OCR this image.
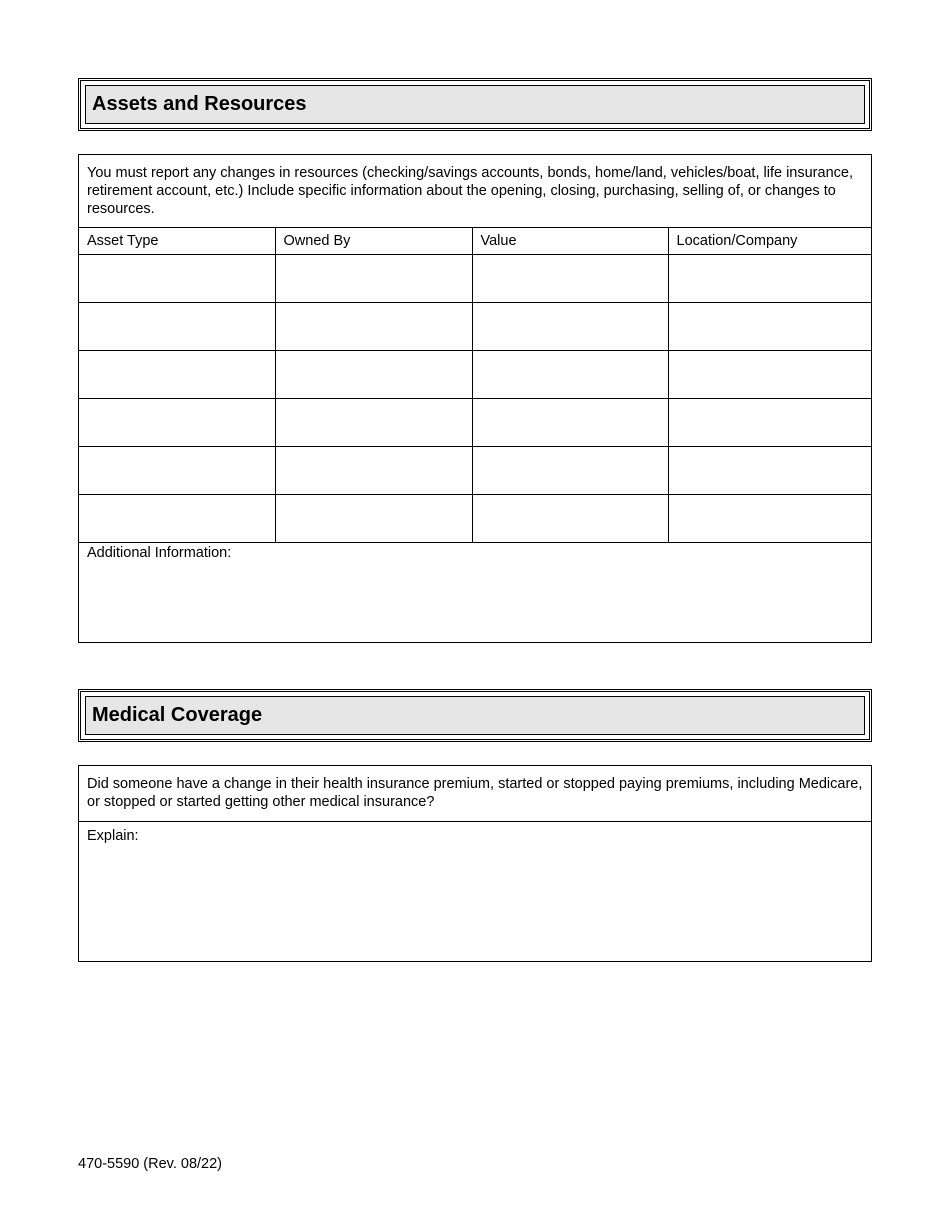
Assets and Resources
You must report any changes in resources (checking/savings accounts, bonds, home/land, vehicles/boat, life insurance, retirement account, etc.) Include specific information about the opening, closing, purchasing, selling of, or changes to resources.
Asset Type	Owned By	Value	Location/Company

Additional Information:
Medical Coverage
Did someone have a change in their health insurance premium, started or stopped paying premiums, including Medicare, or stopped or started getting other medical insurance?
Explain:
470-5590 (Rev. 08/22)
